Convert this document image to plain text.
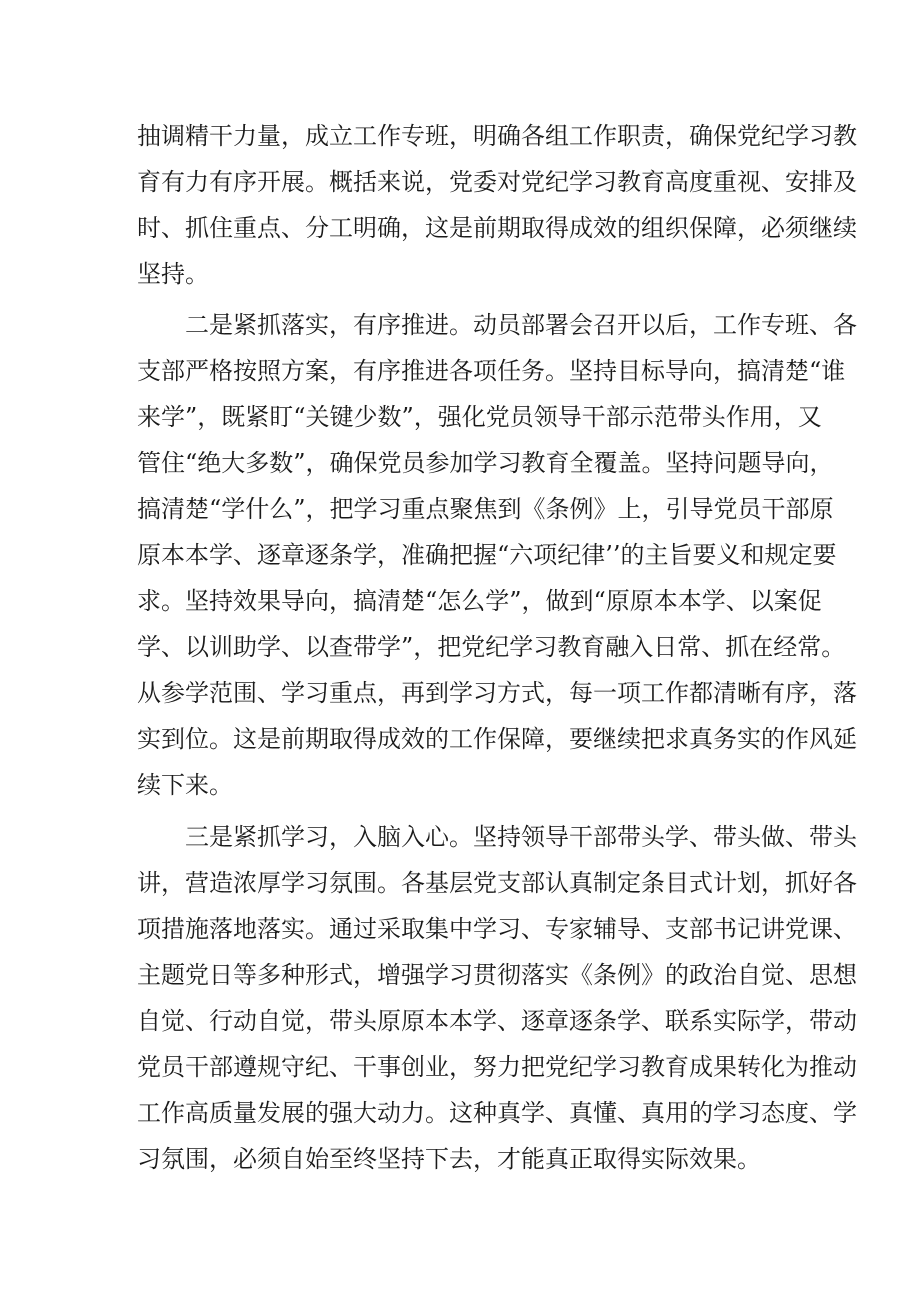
抽调精干力量，成立工作专班，明确各组工作职责，确保党纪学习教
育有力有序开展。概括来说，党委对党纪学习教育高度重视、安排及
时、抓住重点、分工明确，这是前期取得成效的组织保障，必须继续
坚持。

二是紧抓落实，有序推进。动员部署会召开以后，工作专班、各
支部严格按照方案，有序推进各项任务。坚持目标导向，搞清楚“谁
来学”，既紧盯“关键少数”，强化党员领导干部示范带头作用，又
管住“绝大多数”，确保党员参加学习教育全覆盖。坚持问题导向，
搞清楚“学什么”，把学习重点聚焦到《条例》上，引导党员干部原
原本本学、逐章逐条学，准确把握“六项纪律’’的主旨要义和规定要
求。坚持效果导向，搞清楚“怎么学”，做到“原原本本学、以案促
学、以训助学、以查带学”，把党纪学习教育融入日常、抓在经常。
从参学范围、学习重点，再到学习方式，每一项工作都清晰有序，落
实到位。这是前期取得成效的工作保障，要继续把求真务实的作风延
续下来。

三是紧抓学习，入脑入心。坚持领导干部带头学、带头做、带头
讲，营造浓厚学习氛围。各基层党支部认真制定条目式计划，抓好各
项措施落地落实。通过采取集中学习、专家辅导、支部书记讲党课、
主题党日等多种形式，增强学习贯彻落实《条例》的政治自觉、思想
自觉、行动自觉，带头原原本本学、逐章逐条学、联系实际学，带动
党员干部遵规守纪、干事创业，努力把党纪学习教育成果转化为推动
工作高质量发展的强大动力。这种真学、真懂、真用的学习态度、学
习氛围，必须自始至终坚持下去，才能真正取得实际效果。
